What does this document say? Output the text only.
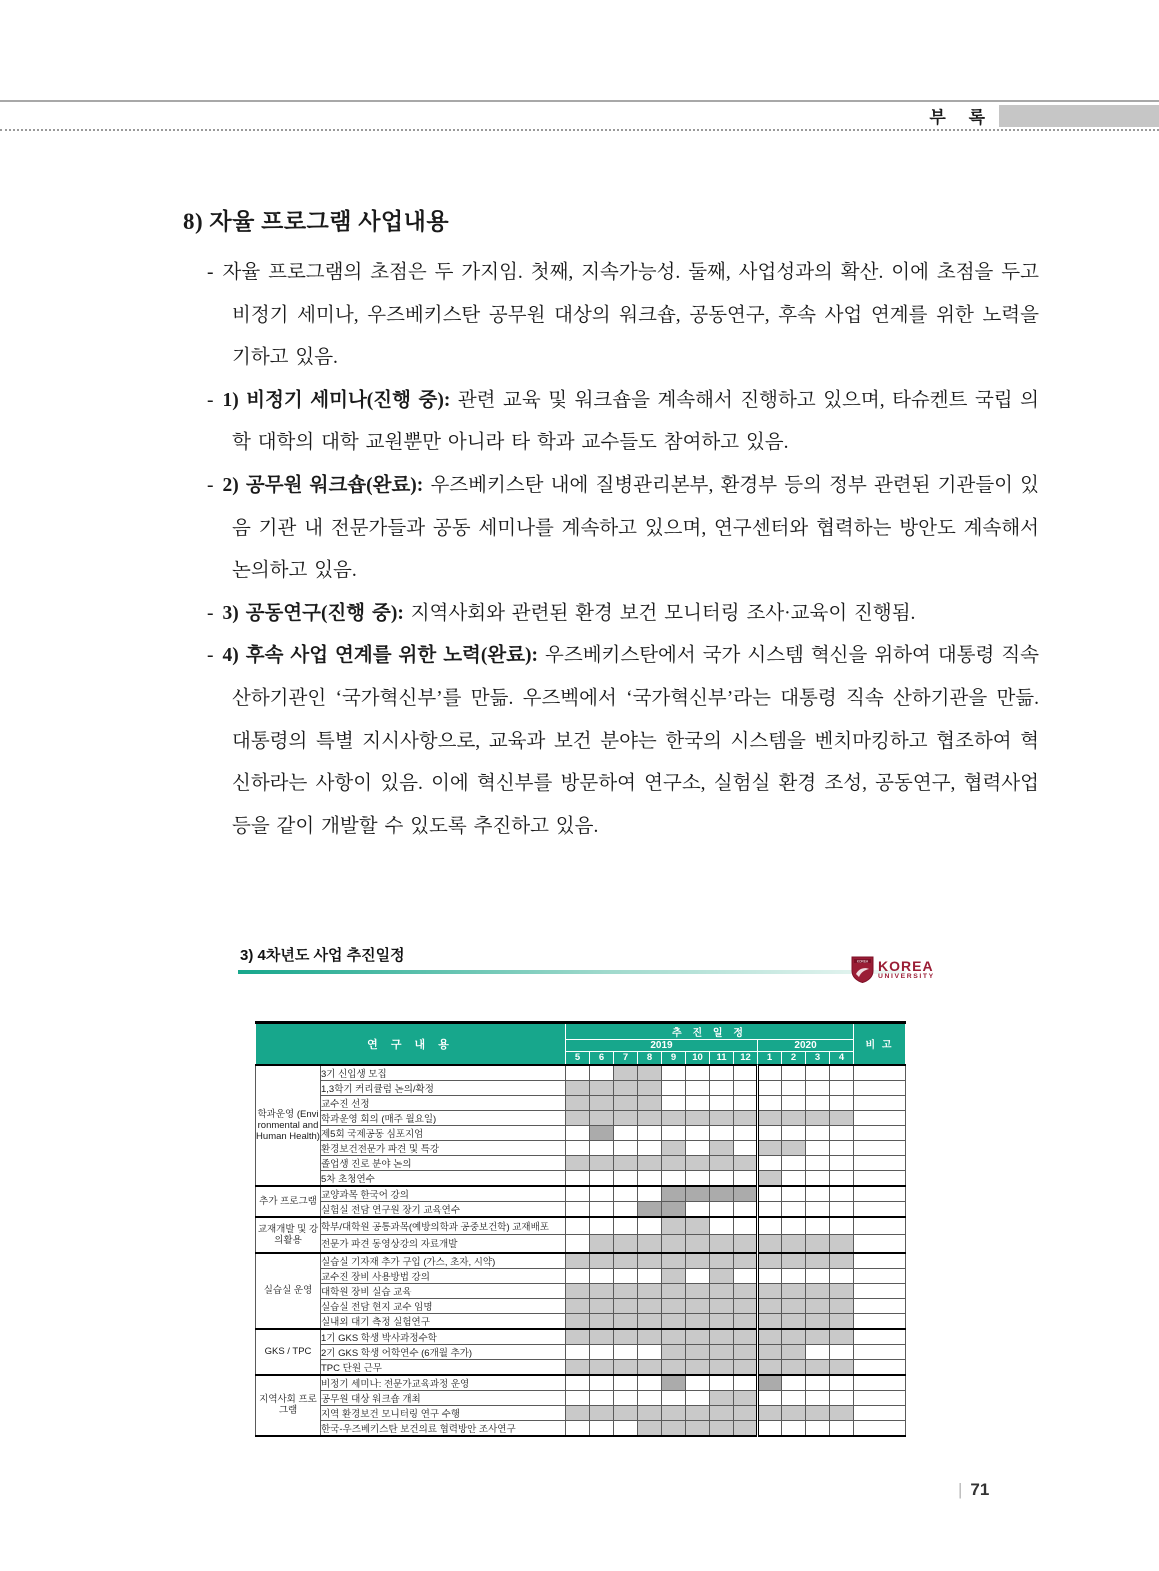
부 록
8) 자율 프로그램 사업내용
- 자율 프로그램의 초점은 두 가지임. 첫째, 지속가능성. 둘째, 사업성과의 확산. 이에 초점을 두고 비정기 세미나, 우즈베키스탄 공무원 대상의 워크숍, 공동연구, 후속 사업 연계를 위한 노력을 기하고 있음.
- 1) 비정기 세미나(진행 중): 관련 교육 및 워크숍을 계속해서 진행하고 있으며, 타슈켄트 국립 의학 대학의 대학 교원뿐만 아니라 타 학과 교수들도 참여하고 있음.
- 2) 공무원 워크숍(완료): 우즈베키스탄 내에 질병관리본부, 환경부 등의 정부 관련된 기관들이 있음 기관 내 전문가들과 공동 세미나를 계속하고 있으며, 연구센터와 협력하는 방안도 계속해서 논의하고 있음.
- 3) 공동연구(진행 중): 지역사회와 관련된 환경 보건 모니터링 조사·교육이 진행됨.
- 4) 후속 사업 연계를 위한 노력(완료): 우즈베키스탄에서 국가 시스템 혁신을 위하여 대통령 직속 산하기관인 ‘국가혁신부’를 만듦. 우즈벡에서 ‘국가혁신부’라는 대통령 직속 산하기관을 만듦. 대통령의 특별 지시사항으로, 교육과 보건 분야는 한국의 시스템을 벤치마킹하고 협조하여 혁신하라는 사항이 있음. 이에 혁신부를 방문하여 연구소, 실험실 환경 조성, 공동연구, 협력사업 등을 같이 개발할 수 있도록 추진하고 있음.
3) 4차년도 사업 추진일정	KOREA KOREA
UNIVERSITY
연 구 내 용		추 진 일 정												비 고
		2019								2020				
		5	6	7	8	9	10	11	12	1	2	3	4	
학과운영 (Environmental and Human Health)	3기 신입생 모집													
	1,3학기 커리큘럼 논의/확정													
	교수진 선정													
	학과운영 회의 (매주 월요일)													
	제5회 국제공동 심포지엄													
	환경보건전문가 파견 및 특강													
	졸업생 진로 분야 논의													
	5차 초청연수													
추가 프로그램	교양과목 한국어 강의													
	실험실 전담 연구원 장기 교육연수													
교재개발 및 강의활용	학부/대학원 공통과목(예방의학과 공중보건학) 교재배포													
	전문가 파견 동영상강의 자료개발													
실습실 운영	실습실 기자재 추가 구입 (가스, 초자, 시약)													
	교수진 장비 사용방법 강의													
	대학원 장비 실습 교육													
	실습실 전담 현지 교수 임명													
	실내외 대기 측정 실험연구													
GKS / TPC	1기 GKS 학생 박사과정수학													
	2기 GKS 학생 어학연수 (6개월 추가)													
	TPC 단원 근무													
지역사회 프로그램	비정기 세미나: 전문가교육과정 운영													
	공무원 대상 워크숍 개최													
	지역 환경보건 모니터링 연구 수행													
	한국-우즈베키스탄 보건의료 협력방안 조사연구													
| 71
